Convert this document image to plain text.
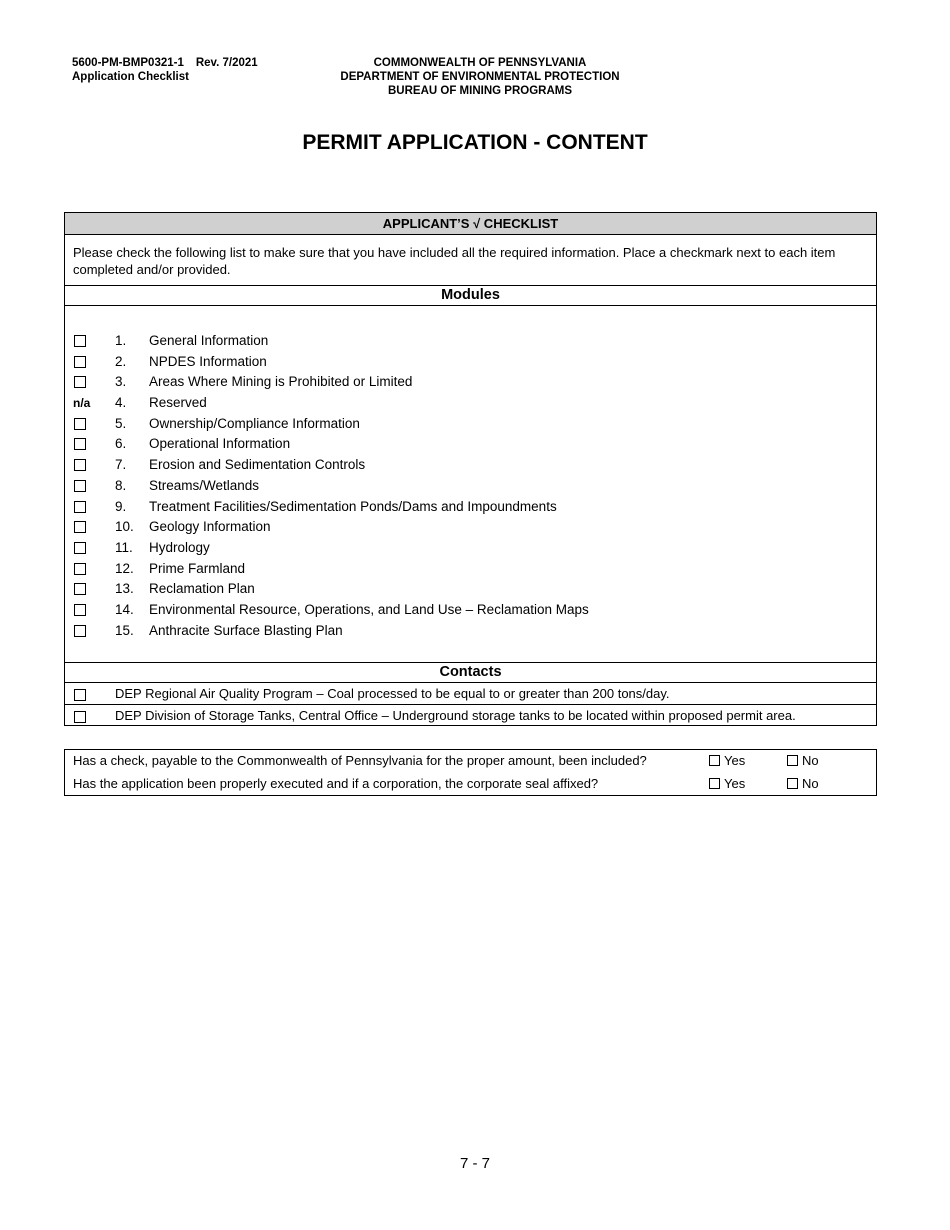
5600-PM-BMP0321-1 Rev. 7/2021
Application Checklist
COMMONWEALTH OF PENNSYLVANIA
DEPARTMENT OF ENVIRONMENTAL PROTECTION
BUREAU OF MINING PROGRAMS
PERMIT APPLICATION - CONTENT
APPLICANT’S √ CHECKLIST
Please check the following list to make sure that you have included all the required information. Place a checkmark next to each item completed and/or provided.
Modules
1. General Information
2. NPDES Information
3. Areas Where Mining is Prohibited or Limited
n/a 4. Reserved
5. Ownership/Compliance Information
6. Operational Information
7. Erosion and Sedimentation Controls
8. Streams/Wetlands
9. Treatment Facilities/Sedimentation Ponds/Dams and Impoundments
10. Geology Information
11. Hydrology
12. Prime Farmland
13. Reclamation Plan
14. Environmental Resource, Operations, and Land Use – Reclamation Maps
15. Anthracite Surface Blasting Plan
Contacts
DEP Regional Air Quality Program – Coal processed to be equal to or greater than 200 tons/day.
DEP Division of Storage Tanks, Central Office – Underground storage tanks to be located within proposed permit area.
Has a check, payable to the Commonwealth of Pennsylvania for the proper amount, been included?	Yes	No
Has the application been properly executed and if a corporation, the corporate seal affixed?	Yes	No
7 - 7
